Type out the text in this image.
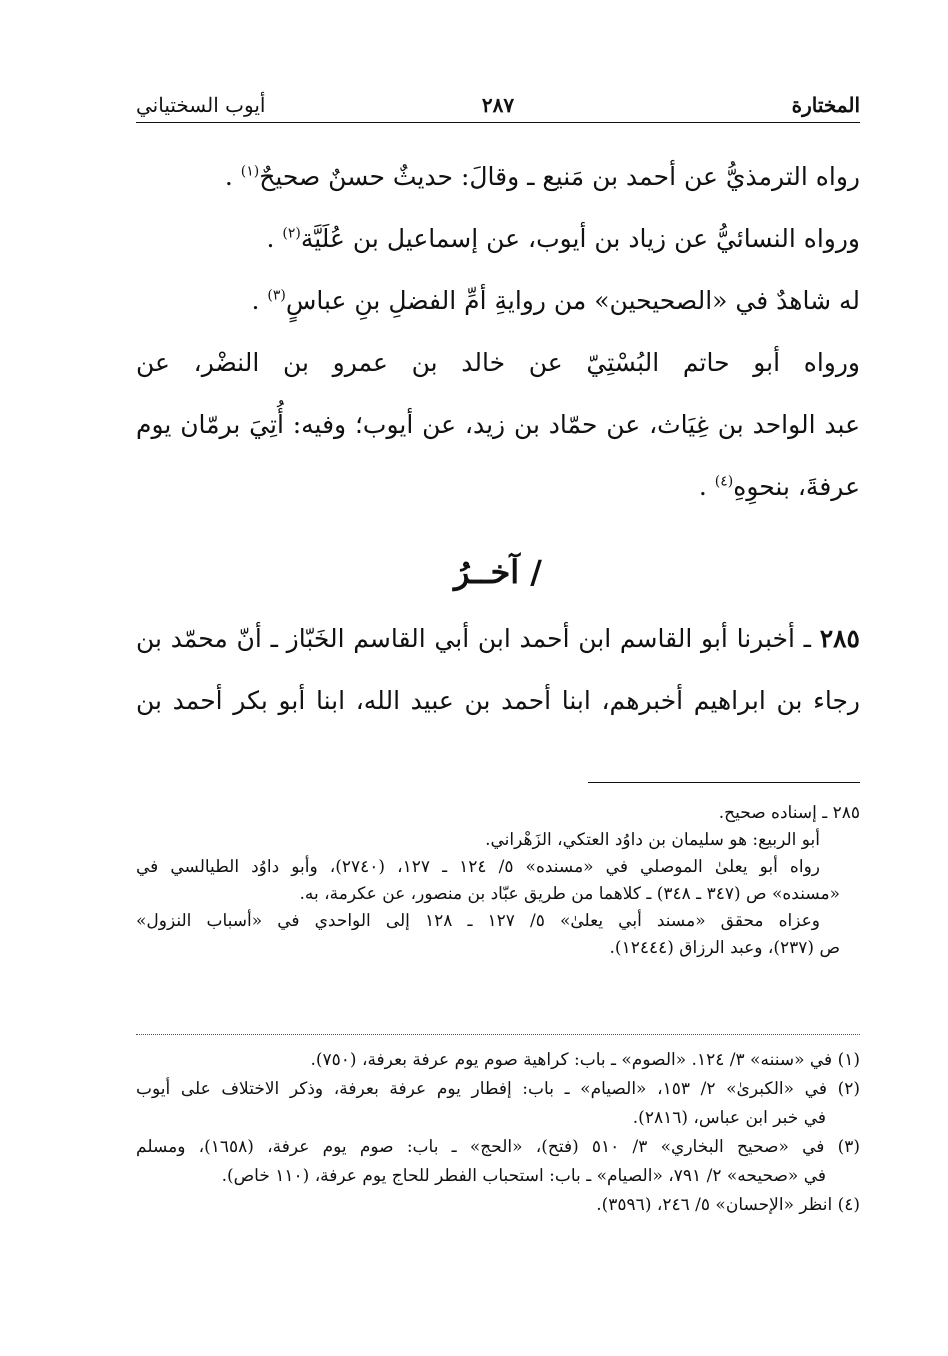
المختارة
٢٨٧
أيوب السختياني

رواه الترمذيُّ عن أحمد بن مَنيع ـ وقالَ: حديثٌ حسنٌ صحيحٌ$^{(١)}$ .

ورواه النسائيُّ عن زياد بن أيوب، عن إسماعيل بن عُلَيَّة$^{(٢)}$ .

له شاهدٌ في «الصحيحين» من روايةِ أمِّ الفضلِ بنِ عباسٍ$^{(٣)}$ .

ورواه أبو حاتم البُسْتِيّ عن خالد بن عمرو بن النضْر، عن

عبد الواحد بن غِيَاث، عن حمّاد بن زيد، عن أيوب؛ وفيه: أُتِيَ برمّان يوم

عرفةَ، بنحوِهِ$^{(٤)}$ .

/ آخــرُ

٢٨٥ ـ أخبرنا أبو القاسم ابن أحمد ابن أبي القاسم الخَبّاز ـ أنّ محمّد بن

رجاء بن ابراهيم أخبرهم، ابنا أحمد بن عبيد الله، ابنا أبو بكر أحمد بن

٢٨٥ ـ إسناده صحيح.
أبو الربيع: هو سليمان بن داوُد العتكي، الزَهْراني.
رواه أبو يعلىٰ الموصلي في «مسنده» ٥/ ١٢٤ ـ ١٢٧، (٢٧٤٠)، وأبو داوُد الطيالسي في
«مسنده» ص (٣٤٧ ـ ٣٤٨) ـ كلاهما من طريق عبّاد بن منصور، عن عكرمة، به.
وعزاه محقق «مسند أبي يعلىٰ» ٥/ ١٢٧ ـ ١٢٨ إلى الواحدي في «أسباب النزول»
ص (٢٣٧)، وعبد الرزاق (١٢٤٤٤).
(١) في «سننه» ٣/ ١٢٤. «الصوم» ـ باب: كراهية صوم يوم عرفة بعرفة، (٧٥٠).
(٢) في «الكبرىٰ» ٢/ ١٥٣، «الصيام» ـ باب: إفطار يوم عرفة بعرفة، وذكر الاختلاف على أيوب
في خبر ابن عباس، (٢٨١٦).
(٣) في «صحيح البخاري» ٣/ ٥١٠ (فتح)، «الحج» ـ باب: صوم يوم عرفة، (١٦٥٨)، ومسلم
في «صحيحه» ٢/ ٧٩١، «الصيام» ـ باب: استحباب الفطر للحاج يوم عرفة، (١١٠ خاص).
(٤) انظر «الإحسان» ٥/ ٢٤٦، (٣٥٩٦).
